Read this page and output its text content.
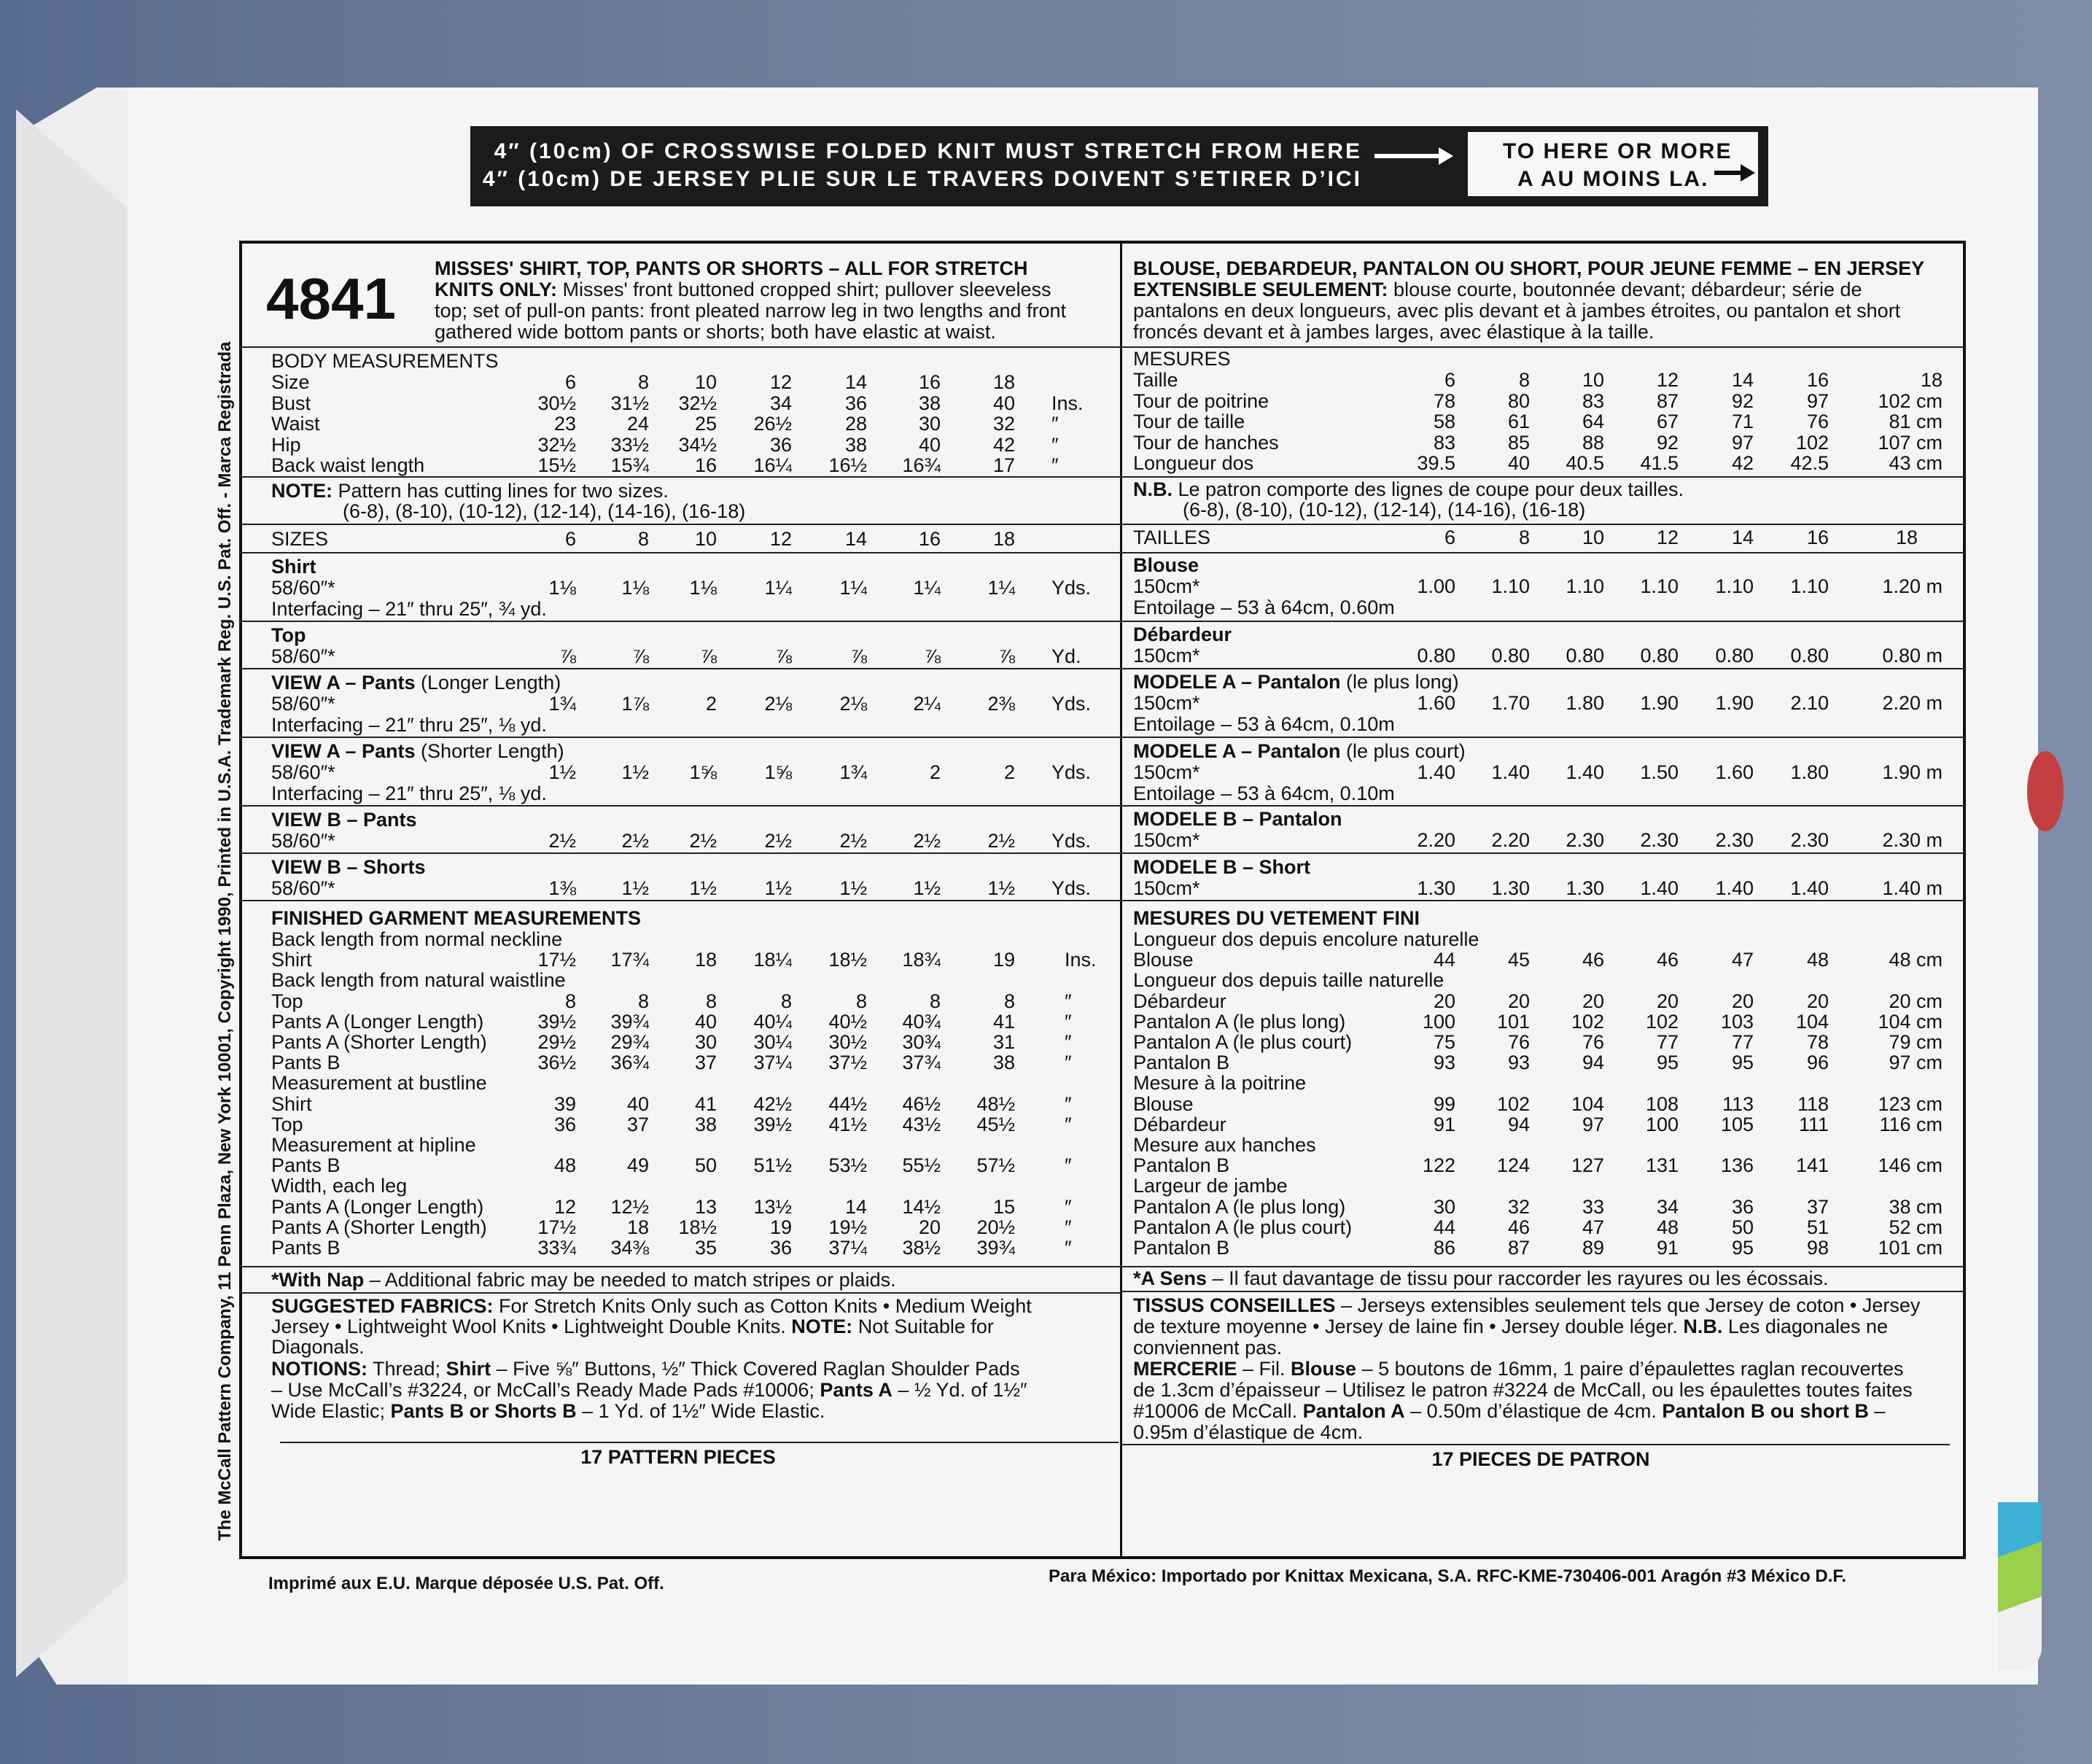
4″ (10cm) OF CROSSWISE FOLDED KNIT MUST STRETCH FROM HERE
4″ (10cm) DE JERSEY PLIE SUR LE TRAVERS DOIVENT S’ETIRER D’ICI
TO HERE OR MORE
A AU MOINS LA.
The McCall Pattern Company, 11 Penn Plaza, New York 10001, Copyright 1990, Printed in U.S.A. Trademark Reg. U.S. Pat. Off. - Marca Registrada
4841 MISSES' SHIRT, TOP, PANTS OR SHORTS – ALL FOR STRETCH
KNITS ONLY: Misses' front buttoned cropped shirt; pullover sleeveless
top; set of pull-on pants: front pleated narrow leg in two lengths and front
gathered wide bottom pants or shorts; both have elastic at waist.
BODY MEASUREMENTS
Size	6	8 10	12	14	16	18
Bust	30½ 31½ 32½	34	36	38	40 Ins.
Waist	23	24 25 26½	28	30	32 ″
Hip	32½ 33½ 34½	36	38	40	42 ″
Back waist length	15½ 15¾ 16 16¼ 16½ 16¾	17 ″
NOTE: Pattern has cutting lines for two sizes.
(6-8), (8-10), (10-12), (12-14), (14-16), (16-18)
SIZES	6	8 10	12	14	16	18
Shirt
58/60″*	1⅛ 1⅛ 1⅛ 1¼ 1¼ 1¼ 1¼ Yds.
Interfacing – 21″ thru 25″, ¾ yd.
Top
58/60″*	⅞	⅞	⅞	⅞	⅞	⅞	⅞ Yd.
VIEW A – Pants (Longer Length)
58/60″*	1¾ 1⅞	2 2⅛ 2⅛ 2¼ 2⅜ Yds.
Interfacing – 21″ thru 25″, ⅛ yd.
VIEW A – Pants (Shorter Length)
58/60″*	1½ 1½ 1⅝ 1⅝ 1¾	2	2 Yds.
Interfacing – 21″ thru 25″, ⅛ yd.
VIEW B – Pants
58/60″*	2½ 2½ 2½ 2½ 2½ 2½ 2½ Yds.
VIEW B – Shorts
58/60″*	1⅜ 1½ 1½ 1½ 1½ 1½ 1½ Yds.
FINISHED GARMENT MEASUREMENTS
Back length from normal neckline
Shirt	17½ 17¾ 18 18¼ 18½ 18¾	19	Ins.
Back length from natural waistline
Top	8	8	8	8	8	8	8	″
Pants A (Longer Length)	39½ 39¾ 40 40¼ 40½ 40¾	41	″
Pants A (Shorter Length)	29½ 29¾ 30 30¼ 30½ 30¾	31	″
Pants B	36½ 36¾ 37 37¼ 37½ 37¾	38	″
Measurement at bustline
Shirt	39	40 41 42½ 44½ 46½ 48½	″
Top	36	37 38 39½ 41½ 43½ 45½	″
Measurement at hipline
Pants B	48	49 50 51½ 53½ 55½ 57½	″
Width, each leg
Pants A (Longer Length)	12 12½ 13 13½	14 14½	15	″
Pants A (Shorter Length)	17½	18 18½	19 19½	20 20½	″
Pants B	33¾ 34⅜ 35	36 37¼ 38½ 39¾	″
*With Nap – Additional fabric may be needed to match stripes or plaids.
SUGGESTED FABRICS: For Stretch Knits Only such as Cotton Knits • Medium Weight
Jersey • Lightweight Wool Knits • Lightweight Double Knits. NOTE: Not Suitable for
Diagonals.
NOTIONS: Thread; Shirt – Five ⅝″ Buttons, ½″ Thick Covered Raglan Shoulder Pads
– Use McCall’s #3224, or McCall’s Ready Made Pads #10006; Pants A – ½ Yd. of 1½″
Wide Elastic; Pants B or Shorts B – 1 Yd. of 1½″ Wide Elastic.
17 PATTERN PIECES
BLOUSE, DEBARDEUR, PANTALON OU SHORT, POUR JEUNE FEMME – EN JERSEY
EXTENSIBLE SEULEMENT: blouse courte, boutonnée devant; débardeur; série de
pantalons en deux longueurs, avec plis devant et à jambes étroites, ou pantalon et short
froncés devant et à jambes larges, avec élastique à la taille.
MESURES
Taille	6	8	10	12	14	16	18
Tour de poitrine	78	80	83	87	92	97 102 cm
Tour de taille	58	61	64	67	71	76	81 cm
Tour de hanches	83	85	88	92	97 102 107 cm
Longueur dos	39.5	40 40.5 41.5	42 42.5	43 cm
N.B. Le patron comporte des lignes de coupe pour deux tailles.
(6-8), (8-10), (10-12), (12-14), (14-16), (16-18)
TAILLES	6	8	10	12	14	16	18
Blouse
150cm*	1.00 1.10 1.10 1.10 1.10 1.10	1.20 m
Entoilage – 53 à 64cm, 0.60m
Débardeur
150cm*	0.80 0.80 0.80 0.80 0.80 0.80	0.80 m
MODELE A – Pantalon (le plus long)
150cm*	1.60 1.70 1.80 1.90 1.90 2.10	2.20 m
Entoilage – 53 à 64cm, 0.10m
MODELE A – Pantalon (le plus court)
150cm*	1.40 1.40 1.40 1.50 1.60 1.80	1.90 m
Entoilage – 53 à 64cm, 0.10m
MODELE B – Pantalon
150cm*	2.20 2.20 2.30 2.30 2.30 2.30	2.30 m
MODELE B – Short
150cm*	1.30 1.30 1.30 1.40 1.40 1.40	1.40 m
MESURES DU VETEMENT FINI
Longueur dos depuis encolure naturelle
Blouse	44	45	46	46	47	48	48 cm
Longueur dos depuis taille naturelle
Débardeur	20	20	20	20	20	20	20 cm
Pantalon A (le plus long)	100 101 102 102 103 104 104 cm
Pantalon A (le plus court)	75	76	76	77	77	78	79 cm
Pantalon B	93	93	94	95	95	96	97 cm
Mesure à la poitrine
Blouse	99 102 104 108 113 118 123 cm
Débardeur	91	94	97 100 105 111	116 cm
Mesure aux hanches
Pantalon B	122 124 127 131 136 141 146 cm
Largeur de jambe
Pantalon A (le plus long)	30	32	33	34	36	37	38 cm
Pantalon A (le plus court)	44	46	47	48	50	51	52 cm
Pantalon B	86	87	89	91	95	98 101 cm
*A Sens – Il faut davantage de tissu pour raccorder les rayures ou les écossais.
TISSUS CONSEILLES – Jerseys extensibles seulement tels que Jersey de coton • Jersey
de texture moyenne • Jersey de laine fin • Jersey double léger. N.B. Les diagonales ne
conviennent pas.
MERCERIE – Fil. Blouse – 5 boutons de 16mm, 1 paire d’épaulettes raglan recouvertes
de 1.3cm d’épaisseur – Utilisez le patron #3224 de McCall, ou les épaulettes toutes faites
#10006 de McCall. Pantalon A – 0.50m d’élastique de 4cm. Pantalon B ou short B –
0.95m d’élastique de 4cm.
17 PIECES DE PATRON
Imprimé aux E.U. Marque déposée U.S. Pat. Off.	Para México: Importado por Knittax Mexicana, S.A. RFC-KME-730406-001 Aragón #3 México D.F.
